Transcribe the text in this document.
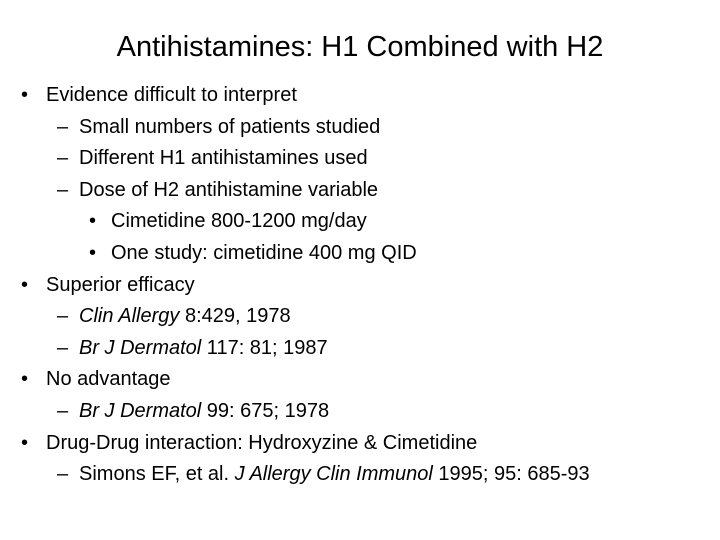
Antihistamines: H1 Combined with H2
• Evidence difficult to interpret
– Small numbers of patients studied
– Different H1 antihistamines used
– Dose of H2 antihistamine variable
• Cimetidine 800-1200 mg/day
• One study: cimetidine 400 mg QID
• Superior efficacy
– Clin Allergy 8:429, 1978
– Br J Dermatol 117: 81; 1987
• No advantage
– Br J Dermatol 99: 675; 1978
• Drug-Drug interaction: Hydroxyzine & Cimetidine
– Simons EF, et al. J Allergy Clin Immunol 1995; 95: 685-93
